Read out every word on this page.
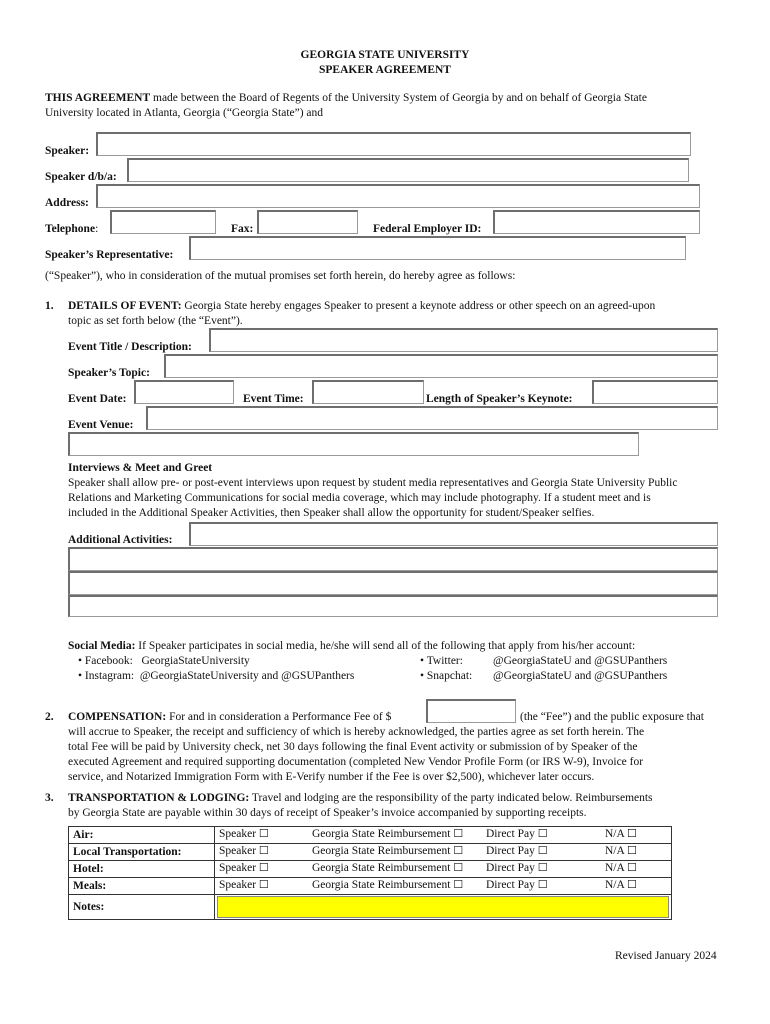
GEORGIA STATE UNIVERSITY
SPEAKER AGREEMENT
THIS AGREEMENT made between the Board of Regents of the University System of Georgia by and on behalf of Georgia State
University located in Atlanta, Georgia (“Georgia State”) and
Speaker:
Speaker d/b/a:
Address:
Telephone:	Fax:	Federal Employer ID:
Speaker’s Representative:
(“Speaker”), who in consideration of the mutual promises set forth herein, do hereby agree as follows:
1. DETAILS OF EVENT: Georgia State hereby engages Speaker to present a keynote address or other speech on an agreed-upon
topic as set forth below (the “Event”).
Event Title / Description:
Speaker’s Topic:
Event Date:	Event Time:	Length of Speaker’s Keynote:
Event Venue:
Interviews & Meet and Greet
Speaker shall allow pre- or post-event interviews upon request by student media representatives and Georgia State University Public
Relations and Marketing Communications for social media coverage, which may include photography. If a student meet and is
included in the Additional Speaker Activities, then Speaker shall allow the opportunity for student/Speaker selfies.
Additional Activities:
Social Media: If Speaker participates in social media, he/she will send all of the following that apply from his/her account:
• Facebook: GeorgiaStateUniversity	• Twitter:	@GeorgiaStateU and @GSUPanthers
• Instagram: @GeorgiaStateUniversity and @GSUPanthers	• Snapchat: @GeorgiaStateU and @GSUPanthers
2. COMPENSATION: For and in consideration a Performance Fee of $	(the “Fee”) and the public exposure that
will accrue to Speaker, the receipt and sufficiency of which is hereby acknowledged, the parties agree as set forth herein. The
total Fee will be paid by University check, net 30 days following the final Event activity or submission of by Speaker of the
executed Agreement and required supporting documentation (completed New Vendor Profile Form (or IRS W-9), Invoice for
service, and Notarized Immigration Form with E-Verify number if the Fee is over $2,500), whichever later occurs.
3. TRANSPORTATION & LODGING: Travel and lodging are the responsibility of the party indicated below. Reimbursements
by Georgia State are payable within 30 days of receipt of Speaker’s invoice accompanied by supporting receipts.
Air:	Speaker ☐ Georgia State Reimbursement ☐ Direct Pay ☐ N/A ☐

Local Transportation:	Speaker ☐ Georgia State Reimbursement ☐ Direct Pay ☐ N/A ☐

Hotel:	Speaker ☐ Georgia State Reimbursement ☐ Direct Pay ☐ N/A ☐

Meals:	Speaker ☐ Georgia State Reimbursement ☐ Direct Pay ☐ N/A ☐

Notes:	
Revised January 2024
